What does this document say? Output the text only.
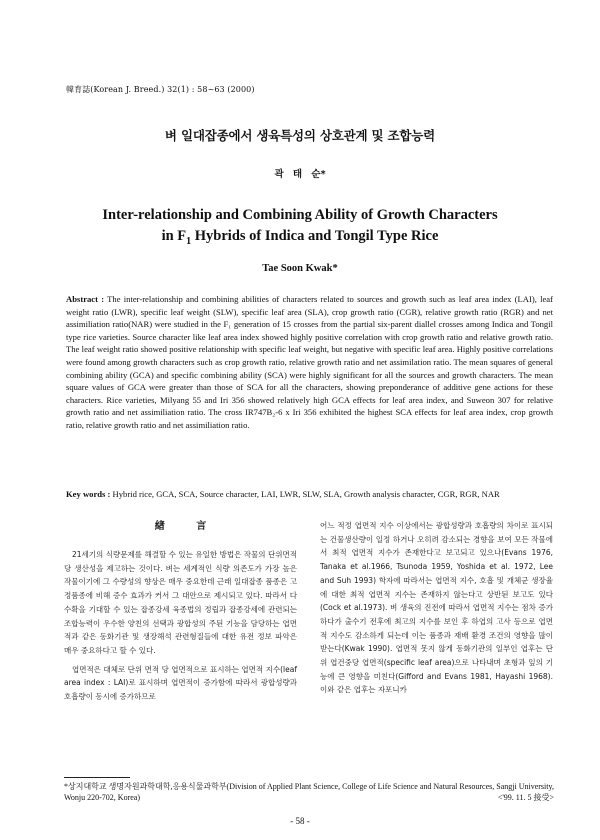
韓育誌(Korean J. Breed.) 32(1) : 58~63 (2000)
벼 일대잡종에서 생육특성의 상호관계 및 조합능력
곽 태 순*
Inter-relationship and Combining Ability of Growth Characters
in $F_1$ Hybrids of Indica and Tongil Type Rice
Tae Soon Kwak*
Abstract : The inter-relationship and combining abilities of characters related to sources and growth such as leaf area index (LAI), leaf weight ratio (LWR), specific leaf weight (SLW), specific leaf area (SLA), crop growth ratio (CGR), relative growth ratio (RGR) and net assimiliation ratio(NAR) were studied in the F₁ generation of 15 crosses from the partial six-parent diallel crosses among Indica and Tongil type rice varieties. Source character like leaf area index showed highly positive correlation with crop growth ratio and relative growth ratio. The leaf weight ratio showed positive relationship with specific leaf weight, but negative with specific leaf area. Highly positive correlations were found among growth characters such as crop growth ratio, relative growth ratio and net assimilation ratio. The mean squares of general combining ability (GCA) and specific combining ability (SCA) were highly significant for all the sources and growth characters. The mean square values of GCA were greater than those of SCA for all the characters, showing preponderance of additive gene actions for these characters. Rice varieties, Milyang 55 and Iri 356 showed relatively high GCA effects for leaf area index, and Suweon 307 for relative growth ratio and net assimiliation ratio. The cross IR747B₂-6 x Iri 356 exhibited the highest SCA effects for leaf area index, crop growth ratio, relative growth ratio and net assimiliation ratio.
Key words : Hybrid rice, GCA, SCA, Source character, LAI, LWR, SLW, SLA, Growth analysis character, CGR, RGR, NAR
緖 言

21세기의 식량문제를 해결할 수 있는 유일한 방법은 작물의 단위면적당 생산성을 제고하는 것이다. 벼는 세계적인 식량 의존도가 가장 높은 작물이기에 그 수량성의 향상은 매우 중요한데 근래 일대잡종 품종은 고정품종에 비해 증수 효과가 커서 그 대안으로 제시되고 있다. 따라서 다수확을 기대할 수 있는 잡종강세 육종법의 정립과 잡종강세에 관련되는 조합능력이 우수한 양친의 선택과 광합성의 주된 기능을 담당하는 엽면적과 같은 동화기관 및 생장해석 관련형질들에 대한 유전 정보 파악은 매우 중요하다고 할 수 있다.

엽면적은 대체로 단위 면적 당 엽면적으로 표시하는 엽면적 지수(leaf area index : LAI)로 표시하며 엽면적이 증가함에 따라서 광합성량과 호흡량이 동시에 증가하므로

어느 적정 엽면적 지수 이상에서는 광합성량과 호흡량의 차이로 표시되는 건물생산량이 일정 하거나 오히려 감소되는 경향을 보여 모든 작물에서 최적 엽면적 지수가 존재한다고 보고되고 있으나(Evans 1976, Tanaka et al.1966, Tsunoda 1959, Yoshida et al. 1972, Lee and Suh 1993) 학자에 따라서는 엽면적 지수, 호흡 및 개체군 생장율에 대한 최적 엽면적 지수는 존재하지 않는다고 상반된 보고도 있다(Cock et al.1973). 벼 생육의 진전에 따라서 엽면적 지수는 점차 증가 하다가 출수기 전후에 최고의 지수를 보인 후 하엽의 고사 등으로 엽면적 지수도 감소하게 되는데 이는 품종과 재배 환경 조건의 영향을 많이 받는다(Kwak 1990). 엽면적 못지 않게 동화기관의 일부인 엽후는 단위 엽건중당 엽면적(specific leaf area)으로 나타내며 초형과 잎의 기능에 큰 영향을 미친다(Gifford and Evans 1981, Hayashi 1968). 이와 같은 엽후는 자포니카

*상지대학교 생명자원과학대학,응용식물과학부(Division of Applied Plant Science, College of Life Science and Natural Resources, Sangji University, Wonju 220-702, Korea)	<'99. 11. 5 接受>
- 58 -
